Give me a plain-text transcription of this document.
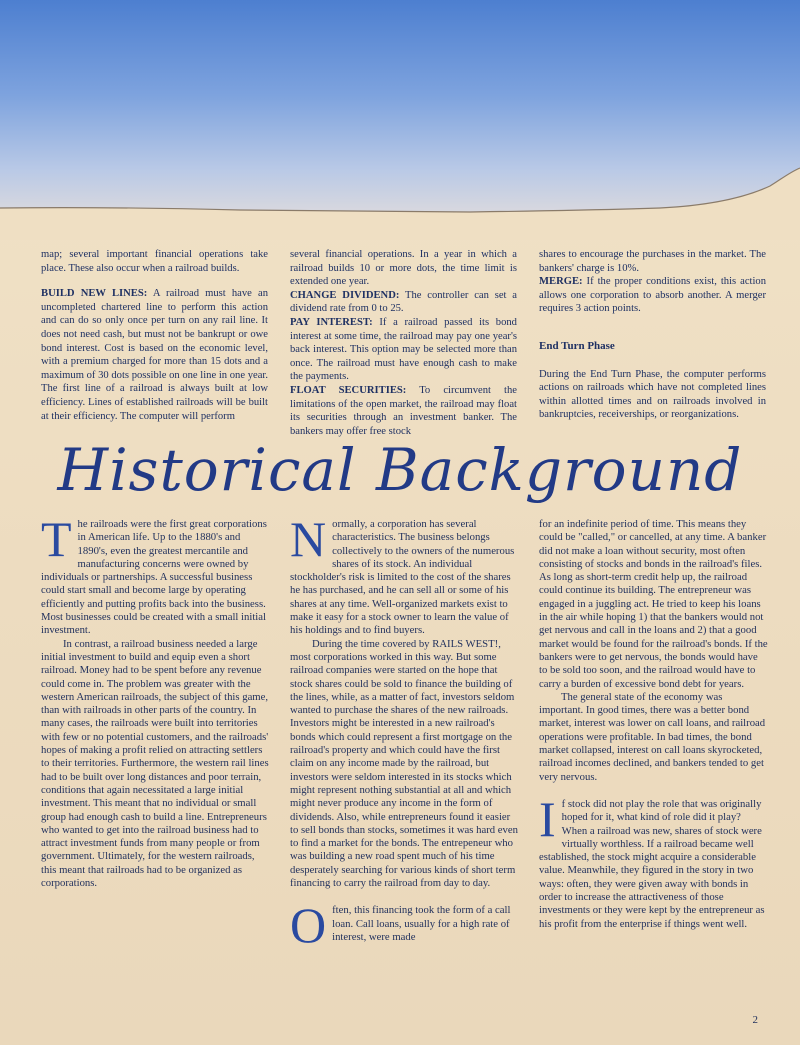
map; several important financial operations take place. These also occur when a railroad builds.

BUILD NEW LINES: A railroad must have an uncompleted chartered line to perform this action and can do so only once per turn on any rail line. It does not need cash, but must not be bankrupt or owe bond interest. Cost is based on the economic level, with a premium charged for more than 15 dots and a maximum of 30 dots possible on one line in one year. The first line of a railroad is always built at low efficiency. Lines of established railroads will be built at their efficiency. The computer will perform

several financial operations. In a year in which a railroad builds 10 or more dots, the time limit is extended one year.

CHANGE DIVIDEND: The controller can set a dividend rate from 0 to 25.

PAY INTEREST: If a railroad passed its bond interest at some time, the railroad may pay one year's back interest. This option may be selected more than once. The railroad must have enough cash to make the payments.

FLOAT SECURITIES: To circumvent the limitations of the open market, the railroad may float its securities through an investment banker. The bankers may offer free stock

shares to encourage the purchases in the market. The bankers' charge is 10%.

MERGE: If the proper conditions exist, this action allows one corporation to absorb another. A merger requires 3 action points.

End Turn Phase

During the End Turn Phase, the computer performs actions on railroads which have not completed lines within allotted times and on railroads involved in bankruptcies, receiverships, or reorganizations.

Historical Background

The railroads were the first great corporations in American life. Up to the 1880's and 1890's, even the greatest mercantile and manufacturing concerns were owned by individuals or partnerships. A successful business could start small and become large by operating efficiently and putting profits back into the business. Most businesses could be created with a small initial investment.

In contrast, a railroad business needed a large initial investment to build and equip even a short railroad. Money had to be spent before any revenue could come in. The problem was greater with the western American railroads, the subject of this game, than with railroads in other parts of the country. In many cases, the railroads were built into territories with few or no potential customers, and the railroads' hopes of making a profit relied on attracting settlers to their territories. Furthermore, the western rail lines had to be built over long distances and poor terrain, conditions that again necessitated a large initial investment. This meant that no individual or small group had enough cash to build a line. Entrepreneurs who wanted to get into the railroad business had to attract investment funds from many people or from government. Ultimately, for the western railroads, this meant that railroads had to be organized as corporations.

Normally, a corporation has several characteristics. The business belongs collectively to the owners of the numerous shares of its stock. An individual stockholder's risk is limited to the cost of the shares he has purchased, and he can sell all or some of his shares at any time. Well-organized markets exist to make it easy for a stock owner to learn the value of his holdings and to find buyers.

During the time covered by RAILS WEST!, most corporations worked in this way. But some railroad companies were started on the hope that stock shares could be sold to finance the building of the lines, while, as a matter of fact, investors seldom wanted to purchase the shares of the new railroads. Investors might be interested in a new railroad's bonds which could represent a first mortgage on the railroad's property and which could have the first claim on any income made by the railroad, but investors were seldom interested in its stocks which might represent nothing substantial at all and which might never produce any income in the form of dividends. Also, while entrepreneurs found it easier to sell bonds than stocks, sometimes it was hard even to find a market for the bonds. The entrepeneur who was building a new road spent much of his time desperately searching for various kinds of short term financing to carry the railroad from day to day.

Often, this financing took the form of a call loan. Call loans, usually for a high rate of interest, were made

for an indefinite period of time. This means they could be "called," or cancelled, at any time. A banker did not make a loan without security, most often consisting of stocks and bonds in the railroad's files. As long as short-term credit help up, the railroad could continue its building. The entrepreneur was engaged in a juggling act. He tried to keep his loans in the air while hoping 1) that the bankers would not get nervous and call in the loans and 2) that a good market would be found for the railroad's bonds. If the bankers were to get nervous, the bonds would have to be sold too soon, and the railroad would have to carry a burden of excessive bond debt for years.

The general state of the economy was important. In good times, there was a better bond market, interest was lower on call loans, and railroad operations were profitable. In bad times, the bond market collapsed, interest on call loans skyrocketed, railroad incomes declined, and bankers tended to get very nervous.

If stock did not play the role that was originally hoped for it, what kind of role did it play? When a railroad was new, shares of stock were virtually worthless. If a railroad became well established, the stock might acquire a considerable value. Meanwhile, they figured in the story in two ways: often, they were given away with bonds in order to increase the attractiveness of those investments or they were kept by the entrepreneur as his profit from the enterprise if things went well.

2
